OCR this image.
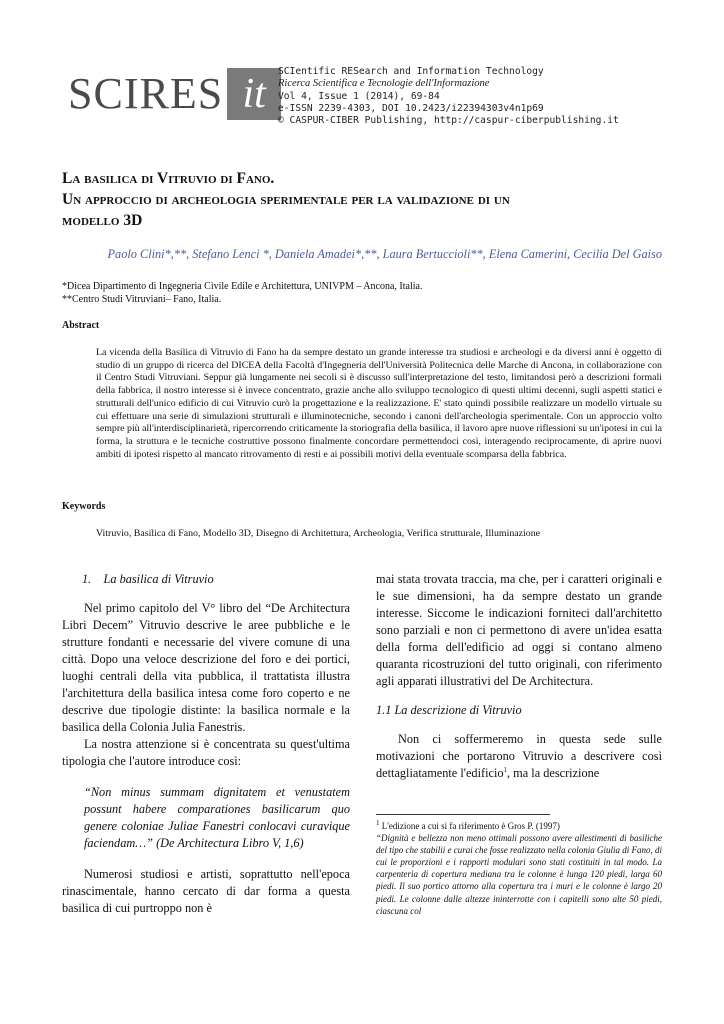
SCIRES it	SCIentific RESearch and Information Technology
Ricerca Scientifica e Tecnologie dell'Informazione
Vol 4, Issue 1 (2014), 69-84
e-ISSN 2239-4303, DOI 10.2423/i22394303v4n1p69
© CASPUR-CIBER Publishing, http://caspur-ciberpublishing.it
La basilica di Vitruvio di Fano.
Un approccio di archeologia sperimentale per la validazione di un
modello 3D
Paolo Clini*,**, Stefano Lenci *, Daniela Amadei*,**, Laura Bertuccioli**, Elena Camerini, Cecilia Del Gaiso
*Dicea Dipartimento di Ingegneria Civile Edile e Architettura, UNIVPM – Ancona, Italia.
**Centro Studi Vitruviani– Fano, Italia.
Abstract
La vicenda della Basilica di Vitruvio di Fano ha da sempre destato un grande interesse tra studiosi e archeologi e da diversi anni è oggetto di studio di un gruppo di ricerca del DICEA della Facoltà d'Ingegneria dell'Università Politecnica delle Marche di Ancona, in collaborazione con il Centro Studi Vitruviani. Seppur già lungamente nei secoli si è discusso sull'interpretazione del testo, limitandosi però a descrizioni formali della fabbrica, il nostro interesse si è invece concentrato, grazie anche allo sviluppo tecnologico di questi ultimi decenni, sugli aspetti statici e strutturali dell'unico edificio di cui Vitruvio curò la progettazione e la realizzazione. E' stato quindi possibile realizzare un modello virtuale su cui effettuare una serie di simulazioni strutturali e illuminotecniche, secondo i canoni dell'archeologia sperimentale. Con un approccio volto sempre più all'interdisciplinarietà, ripercorrendo criticamente la storiografia della basilica, il lavoro apre nuove riflessioni su un'ipotesi in cui la forma, la struttura e le tecniche costruttive possono finalmente concordare permettendoci così, interagendo reciprocamente, di aprire nuovi ambiti di ipotesi rispetto al mancato ritrovamento di resti e ai possibili motivi della eventuale scomparsa della fabbrica.
Keywords
Vitruvio, Basilica di Fano, Modello 3D, Disegno di Architettura, Archeologia, Verifica strutturale, Illuminazione

1.    La basilica di Vitruvio

Nel primo capitolo del V° libro del “De Architectura Libri Decem” Vitruvio descrive le aree pubbliche e le strutture fondanti e necessarie del vivere comune di una città. Dopo una veloce descrizione del foro e dei portici, luoghi centrali della vita pubblica, il trattatista illustra l'architettura della basilica intesa come foro coperto e ne descrive due tipologie distinte: la basilica normale e la basilica della Colonia Julia Fanestris.

La nostra attenzione si è concentrata su quest'ultima tipologia che l'autore introduce così:

“Non minus summam dignitatem et venustatem possunt habere comparationes basilicarum quo genere coloniae Juliae Fanestri conlocavi curavique faciendam…” (De Architectura Libro V, 1,6)

Numerosi studiosi e artisti, soprattutto nell'epoca rinascimentale, hanno cercato di dar forma a questa basilica di cui purtroppo non è

mai stata trovata traccia, ma che, per i caratteri originali e le sue dimensioni, ha da sempre destato un grande interesse. Siccome le indicazioni forniteci dall'architetto sono parziali e non ci permettono di avere un'idea esatta della forma dell'edificio ad oggi si contano almeno quaranta ricostruzioni del tutto originali, con riferimento agli apparati illustrativi del De Architectura.

1.1 La descrizione di Vitruvio

Non ci soffermeremo in questa sede sulle motivazioni che portarono Vitruvio a descrivere così dettagliatamente l'edificio$^1$, ma la descrizione

$^1$ L'edizione a cui si fa riferimento è Gros P. (1997)
“Dignità e bellezza non meno ottimali possono avere allestimenti di basiliche del tipo che stabilii e curai che fosse realizzato nella colonia Giulia di Fano, di cui le proporzioni e i rapporti modulari sono stati costituiti in tal modo. La carpenteria di copertura mediana tra le colonne è lunga 120 piedi, larga 60 piedi. Il suo portico attorno alla copertura tra i muri e le colonne è largo 20 piedi. Le colonne dalle altezze ininterrotte con i capitelli sono alte 50 piedi, ciascuna col
